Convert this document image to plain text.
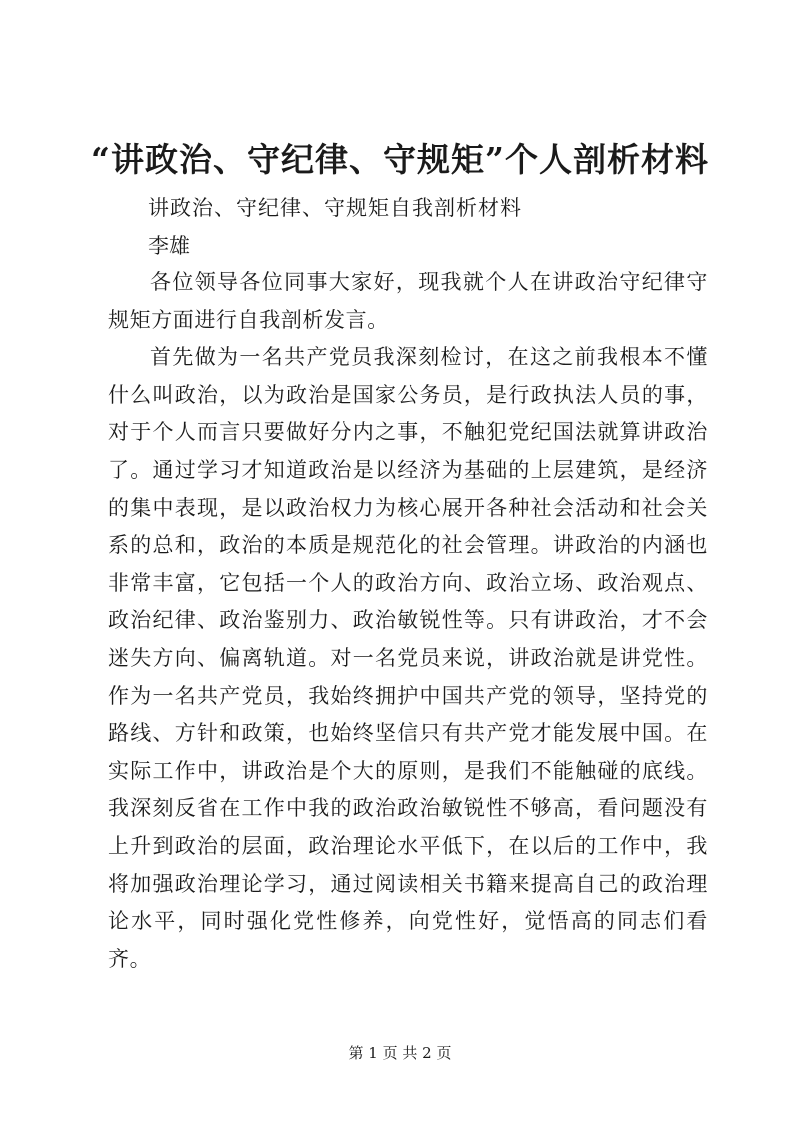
“讲政治、守纪律、守规矩”个人剖析材料
讲政治、守纪律、守规矩自我剖析材料
李雄

各位领导各位同事大家好，现我就个人在讲政治守纪律守规矩方面进行自我剖析发言。

首先做为一名共产党员我深刻检讨，在这之前我根本不懂什么叫政治，以为政治是国家公务员，是行政执法人员的事，对于个人而言只要做好分内之事，不触犯党纪国法就算讲政治了。通过学习才知道政治是以经济为基础的上层建筑，是经济的集中表现，是以政治权力为核心展开各种社会活动和社会关系的总和，政治的本质是规范化的社会管理。讲政治的内涵也非常丰富，它包括一个人的政治方向、政治立场、政治观点、政治纪律、政治鉴别力、政治敏锐性等。只有讲政治，才不会迷失方向、偏离轨道。对一名党员来说，讲政治就是讲党性。作为一名共产党员，我始终拥护中国共产党的领导，坚持党的路线、方针和政策，也始终坚信只有共产党才能发展中国。在实际工作中，讲政治是个大的原则，是我们不能触碰的底线。我深刻反省在工作中我的政治政治敏锐性不够高，看问题没有上升到政治的层面，政治理论水平低下，在以后的工作中，我将加强政治理论学习，通过阅读相关书籍来提高自己的政治理论水平，同时强化党性修养，向党性好，觉悟高的同志们看齐。

第 1 页 共 2 页
